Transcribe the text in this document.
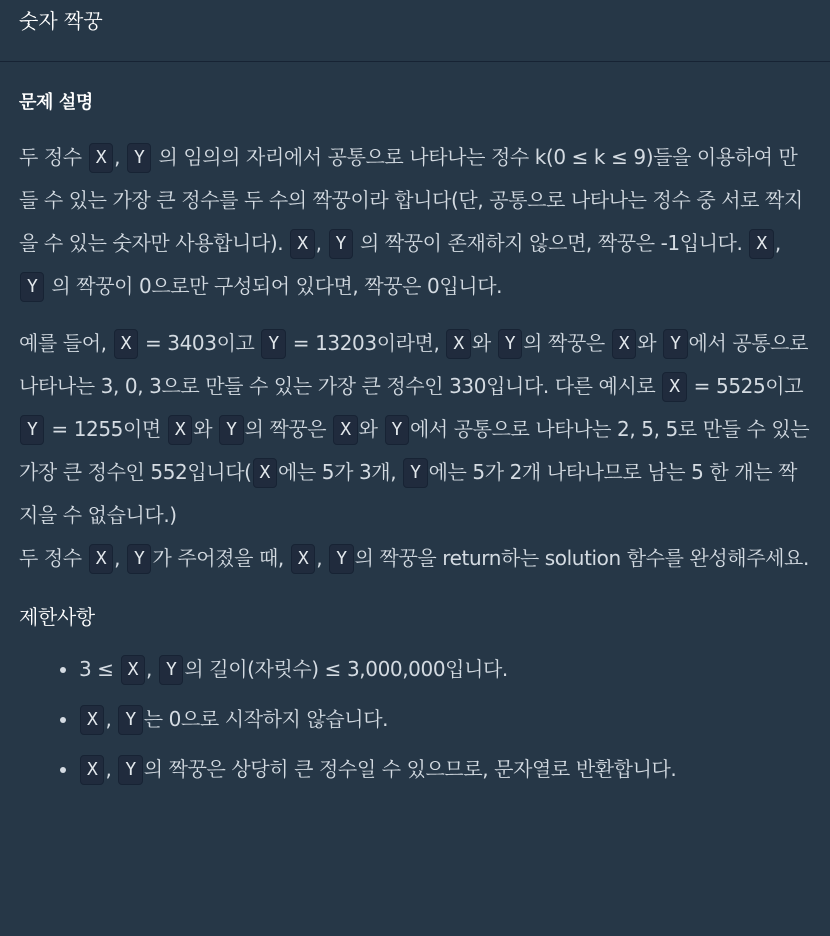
숫자 짝꿍
문제 설명

두 정수 X , Y 의 임의의 자리에서 공통으로 나타나는 정수 k(0 ≤ k ≤ 9)들을 이용하여 만들 수 있는 가장 큰 정수를 두 수의 짝꿍이라 합니다(단, 공통으로 나타나는 정수 중 서로 짝지을 수 있는 숫자만 사용합니다). X , Y 의 짝꿍이 존재하지 않으면, 짝꿍은 -1입니다. X , Y 의 짝꿍이 0으로만 구성되어 있다면, 짝꿍은 0입니다.

예를 들어, X = 3403이고 Y = 13203이라면, X 와 Y 의 짝꿍은 X 와 Y 에서 공통으로 나타나는 3, 0, 3으로 만들 수 있는 가장 큰 정수인 330입니다. 다른 예시로 X = 5525이고 Y = 1255이면 X 와 Y 의 짝꿍은 X 와 Y 에서 공통으로 나타나는 2, 5, 5로 만들 수 있는 가장 큰 정수인 552입니다( X 에는 5가 3개, Y 에는 5가 2개 나타나므로 남는 5 한 개는 짝 지을 수 없습니다.)

두 정수 X , Y 가 주어졌을 때, X , Y 의 짝꿍을 return하는 solution 함수를 완성해주세요.

제한사항
• 3 ≤ X , Y 의 길이(자릿수) ≤ 3,000,000입니다.
• X , Y 는 0으로 시작하지 않습니다.
• X , Y 의 짝꿍은 상당히 큰 정수일 수 있으므로, 문자열로 반환합니다.
